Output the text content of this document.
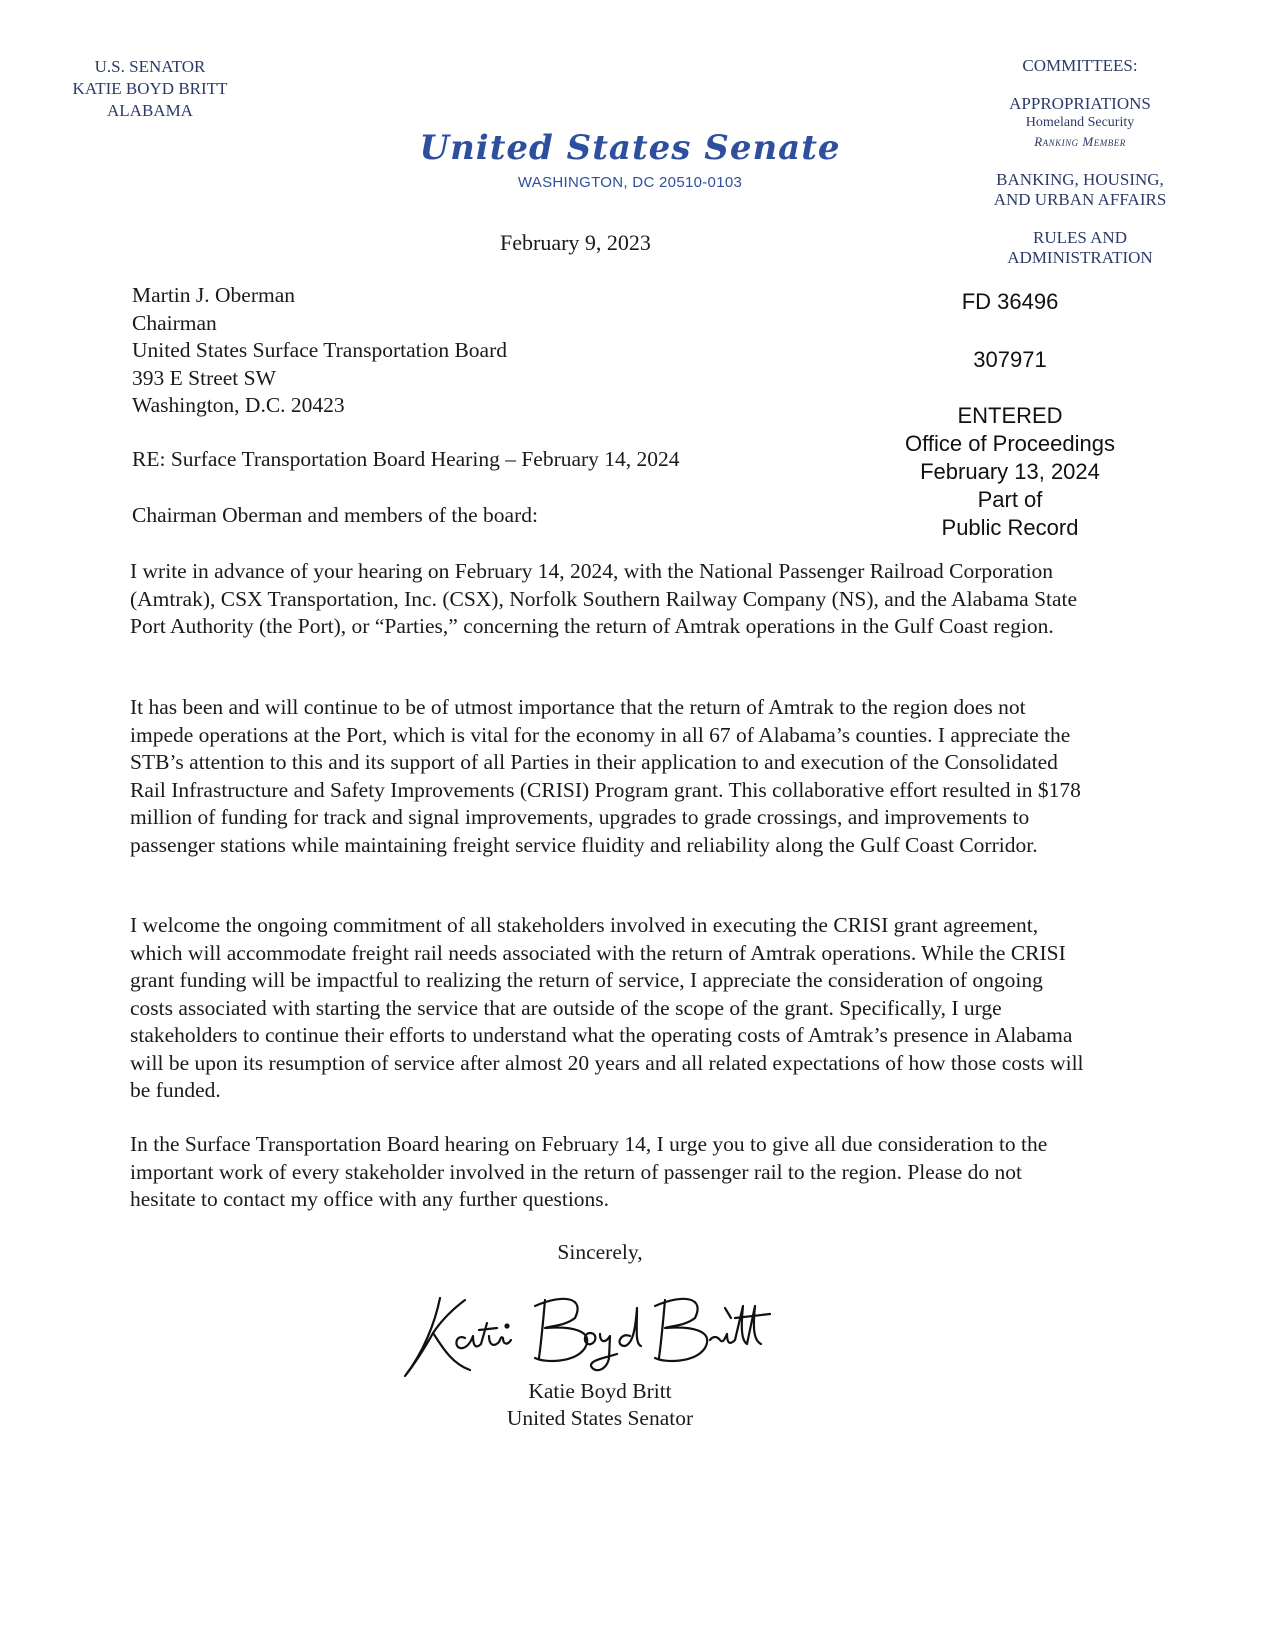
U.S. SENATOR
KATIE BOYD BRITT
ALABAMA
United States Senate
WASHINGTON, DC 20510-0103
COMMITTEES:
APPROPRIATIONS
Homeland Security
Ranking Member
BANKING, HOUSING,
AND URBAN AFFAIRS
RULES AND
ADMINISTRATION
February 9, 2023
Martin J. Oberman
Chairman
United States Surface Transportation Board
393 E Street SW
Washington, D.C. 20423
FD 36496
307971
ENTERED
Office of Proceedings
February 13, 2024
Part of
Public Record
RE: Surface Transportation Board Hearing – February 14, 2024
Chairman Oberman and members of the board:
I write in advance of your hearing on February 14, 2024, with the National Passenger Railroad Corporation (Amtrak), CSX Transportation, Inc. (CSX), Norfolk Southern Railway Company (NS), and the Alabama State Port Authority (the Port), or “Parties,” concerning the return of Amtrak operations in the Gulf Coast region.
It has been and will continue to be of utmost importance that the return of Amtrak to the region does not impede operations at the Port, which is vital for the economy in all 67 of Alabama’s counties. I appreciate the STB’s attention to this and its support of all Parties in their application to and execution of the Consolidated Rail Infrastructure and Safety Improvements (CRISI) Program grant. This collaborative effort resulted in $178 million of funding for track and signal improvements, upgrades to grade crossings, and improvements to passenger stations while maintaining freight service fluidity and reliability along the Gulf Coast Corridor.
I welcome the ongoing commitment of all stakeholders involved in executing the CRISI grant agreement, which will accommodate freight rail needs associated with the return of Amtrak operations. While the CRISI grant funding will be impactful to realizing the return of service, I appreciate the consideration of ongoing costs associated with starting the service that are outside of the scope of the grant. Specifically, I urge stakeholders to continue their efforts to understand what the operating costs of Amtrak’s presence in Alabama will be upon its resumption of service after almost 20 years and all related expectations of how those costs will be funded.
In the Surface Transportation Board hearing on February 14, I urge you to give all due consideration to the important work of every stakeholder involved in the return of passenger rail to the region. Please do not hesitate to contact my office with any further questions.
Sincerely,
Katie Boyd Britt
United States Senator
